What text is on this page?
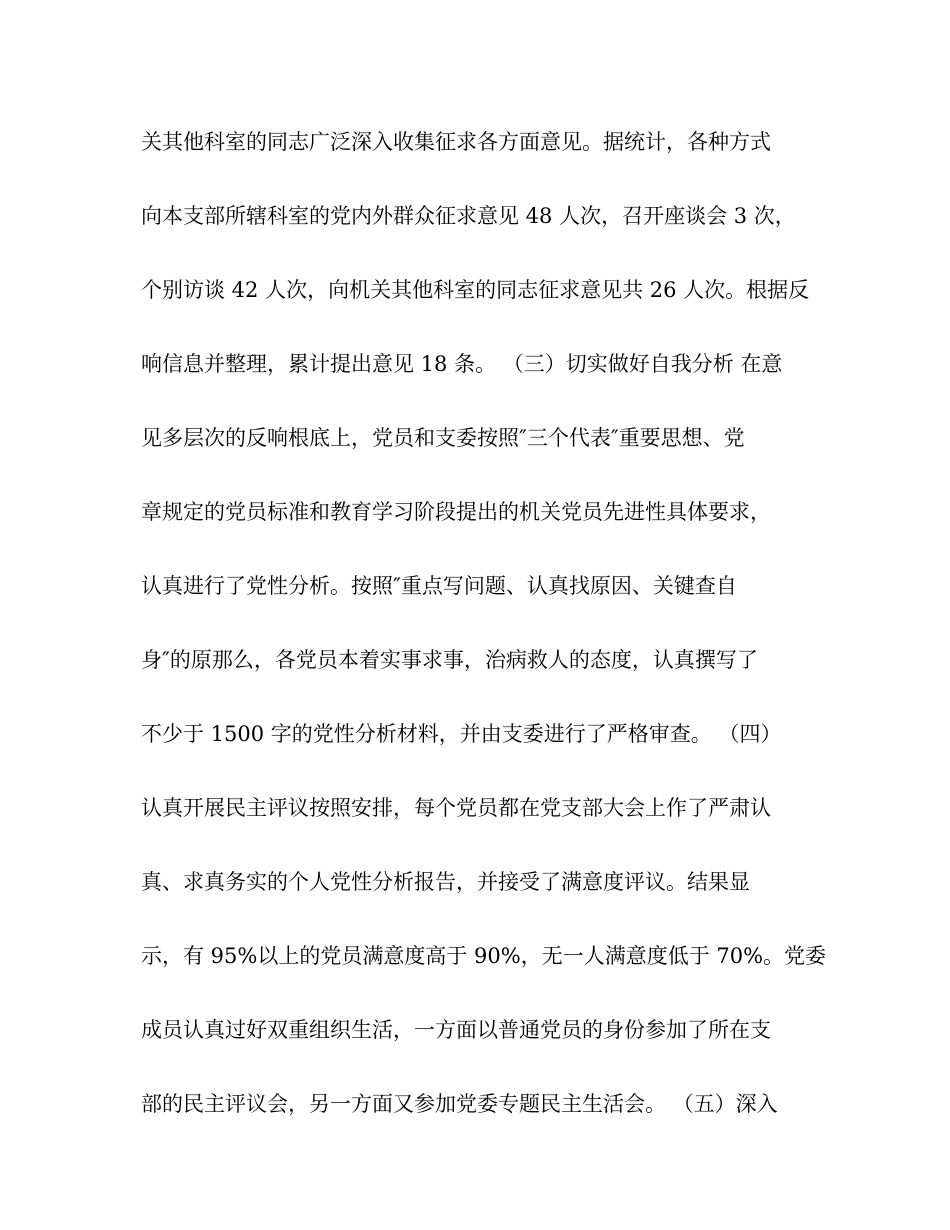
关其他科室的同志广泛深入收集征求各方面意见。据统计，各种方式
向本支部所辖科室的党内外群众征求意见 48 人次，召开座谈会 3 次，
个别访谈 42 人次，向机关其他科室的同志征求意见共 26 人次。根据反
响信息并整理，累计提出意见 18 条。 （三）切实做好自我分析 在意
见多层次的反响根底上，党员和支委按照″三个代表″重要思想、党
章规定的党员标准和教育学习阶段提出的机关党员先进性具体要求，
认真进行了党性分析。按照″重点写问题、认真找原因、关键查自
身″的原那么，各党员本着实事求事，治病救人的态度，认真撰写了
不少于 1500 字的党性分析材料，并由支委进行了严格审查。 （四）
认真开展民主评议按照安排，每个党员都在党支部大会上作了严肃认
真、求真务实的个人党性分析报告，并接受了满意度评议。结果显
示，有 95%以上的党员满意度高于 90%，无一人满意度低于 70%。党委
成员认真过好双重组织生活，一方面以普通党员的身份参加了所在支
部的民主评议会，另一方面又参加党委专题民主生活会。 （五）深入
